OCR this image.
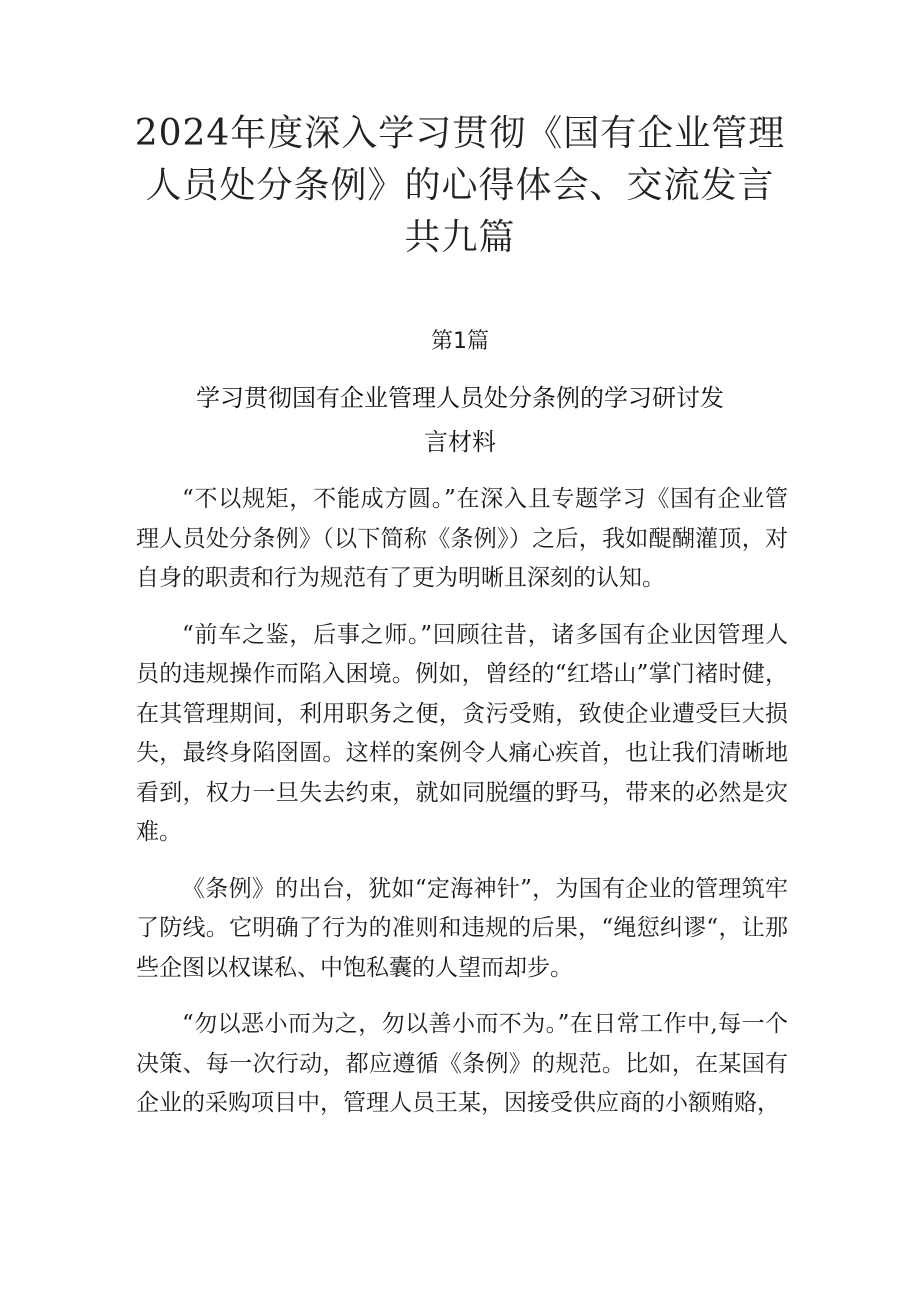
2024年度深入学习贯彻《国有企业管理人员处分条例》的心得体会、交流发言共九篇
第1篇
学习贯彻国有企业管理人员处分条例的学习研讨发言材料

“不以规矩，不能成方圆。”在深入且专题学习《国有企业管理人员处分条例》（以下简称《条例》）之后，我如醍醐灌顶，对自身的职责和行为规范有了更为明晰且深刻的认知。

“前车之鉴，后事之师。”回顾往昔，诸多国有企业因管理人员的违规操作而陷入困境。例如，曾经的“红塔山”掌门褚时健，在其管理期间，利用职务之便，贪污受贿，致使企业遭受巨大损失，最终身陷囹圄。这样的案例令人痛心疾首，也让我们清晰地看到，权力一旦失去约束，就如同脱缰的野马，带来的必然是灾难。

《条例》的出台，犹如“定海神针”，为国有企业的管理筑牢了防线。它明确了行为的准则和违规的后果，“绳愆纠谬“，让那些企图以权谋私、中饱私囊的人望而却步。

“勿以恶小而为之，勿以善小而不为。”在日常工作中,每一个决策、每一次行动，都应遵循《条例》的规范。比如，在某国有企业的采购项目中，管理人员王某，因接受供应商的小额贿赂，
